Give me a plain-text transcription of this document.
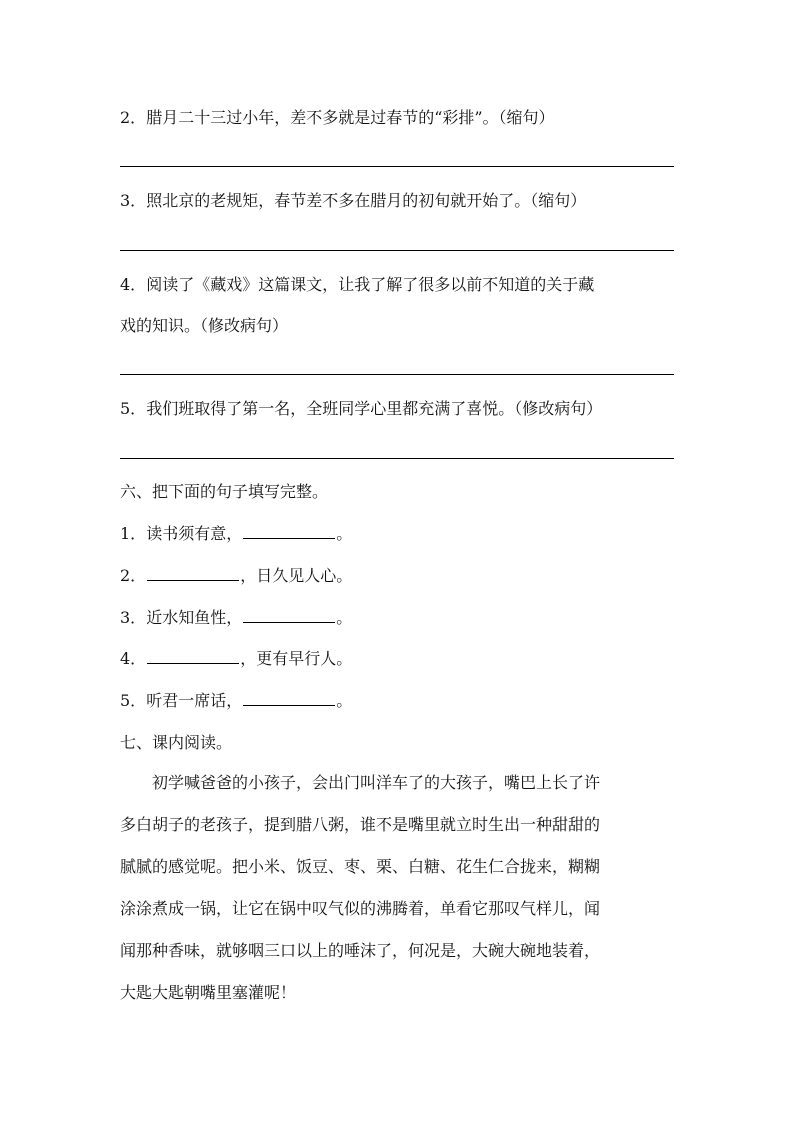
2．腊月二十三过小年，差不多就是过春节的“彩排”。（缩句）
3．照北京的老规矩，春节差不多在腊月的初旬就开始了。（缩句）
4．阅读了《藏戏》这篇课文，让我了解了很多以前不知道的关于藏
戏的知识。（修改病句）
5．我们班取得了第一名，全班同学心里都充满了喜悦。（修改病句）
六、把下面的句子填写完整。
1．读书须有意，	。
2．	，日久见人心。
3．近水知鱼性，	。
4．	，更有早行人。
5．听君一席话，	。
七、课内阅读。
　　初学喊爸爸的小孩子，会出门叫洋车了的大孩子，嘴巴上长了许
多白胡子的老孩子，提到腊八粥，谁不是嘴里就立时生出一种甜甜的
腻腻的感觉呢。把小米、饭豆、枣、栗、白糖、花生仁合拢来，糊糊
涂涂煮成一锅，让它在锅中叹气似的沸腾着，单看它那叹气样儿，闻
闻那种香味，就够咽三口以上的唾沫了，何况是，大碗大碗地装着，
大匙大匙朝嘴里塞灌呢！
